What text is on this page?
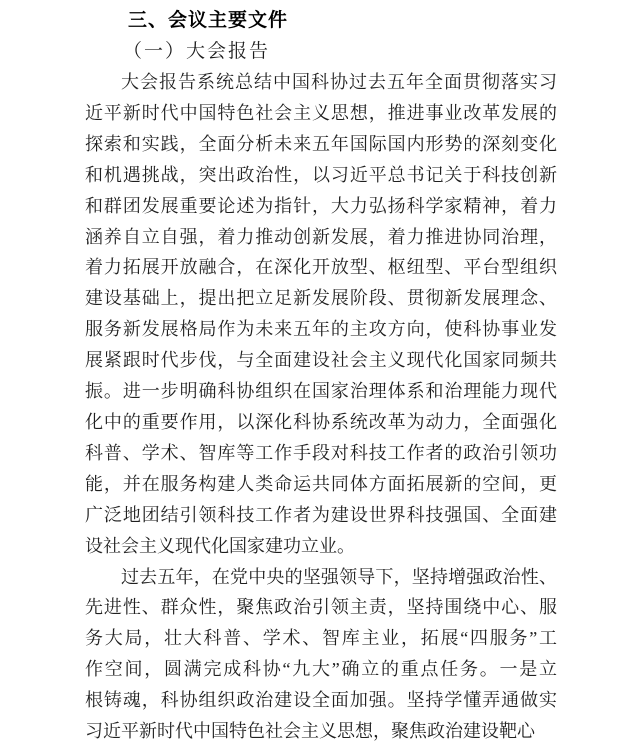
三、会议主要文件
（一）大会报告
大会报告系统总结中国科协过去五年全面贯彻落实习
近平新时代中国特色社会主义思想，推进事业改革发展的
探索和实践，全面分析未来五年国际国内形势的深刻变化
和机遇挑战，突出政治性，以习近平总书记关于科技创新
和群团发展重要论述为指针，大力弘扬科学家精神，着力
涵养自立自强，着力推动创新发展，着力推进协同治理，
着力拓展开放融合，在深化开放型、枢纽型、平台型组织
建设基础上，提出把立足新发展阶段、贯彻新发展理念、
服务新发展格局作为未来五年的主攻方向，使科协事业发
展紧跟时代步伐，与全面建设社会主义现代化国家同频共
振。进一步明确科协组织在国家治理体系和治理能力现代
化中的重要作用，以深化科协系统改革为动力，全面强化
科普、学术、智库等工作手段对科技工作者的政治引领功
能，并在服务构建人类命运共同体方面拓展新的空间，更
广泛地团结引领科技工作者为建设世界科技强国、全面建
设社会主义现代化国家建功立业。
过去五年，在党中央的坚强领导下，坚持增强政治性、
先进性、群众性，聚焦政治引领主责，坚持围绕中心、服
务大局，壮大科普、学术、智库主业，拓展“四服务”工
作空间，圆满完成科协“九大”确立的重点任务。一是立
根铸魂，科协组织政治建设全面加强。坚持学懂弄通做实
习近平新时代中国特色社会主义思想，聚焦政治建设靶心
